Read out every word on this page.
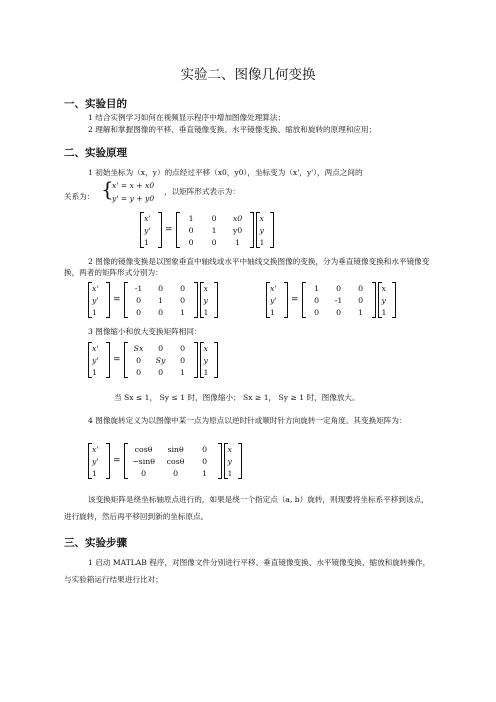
实验二、图像几何变换
一、实验目的
1 结合实例学习如何在视频显示程序中增加图像处理算法；
2 理解和掌握图像的平移、垂直镜像变换、水平镜像变换、缩放和旋转的原理和应用；
二、实验原理
1 初始坐标为（x，y）的点经过平移（x0，y0），坐标变为（x'，y'），两点之间的
关系为： {
x' = x + x0
y' = y + y0
，以矩阵形式表示为：
x'
y'
1
=
1	0	x0
0	1	y0
0	0	1
x
y
1
2 图像的镜像变换是以图象垂直中轴线或水平中轴线交换图像的变换，分为垂直镜像变换和水平镜像变换，两者的矩阵形式分别为：
x'
y'
1
=
-1	0	0
0	1	0
0	0	1
x
y
1
x'
y'
1
=
1	0	0
0	-1	0
0	0	1
x
y
1
3 图像缩小和放大变换矩阵相同：
x'
y'
1
=
Sx	0	0
0	Sy	0
0	0	1
x
y
1
当 Sx ≤ 1， Sy ≤ 1 时，图像缩小； Sx ≥ 1， Sy ≥ 1 时，图像放大。
4 图像旋转定义为以图像中某一点为原点以逆时针或顺时针方向旋转一定角度。其变换矩阵为：
x'
y'
1
=
cosθ	sinθ	0
−sinθ	cosθ	0
0	0	1
x
y
1
该变换矩阵是绕坐标轴原点进行的，如果是绕一个指定点（a, b）旋转，则现要将坐标系平移到该点，进行旋转，然后再平移回到新的坐标原点。
三、实验步骤
1 启动 MATLAB 程序，对图像文件分别进行平移、垂直镜像变换、水平镜像变换、缩放和旋转操作，与实验箱运行结果进行比对；
